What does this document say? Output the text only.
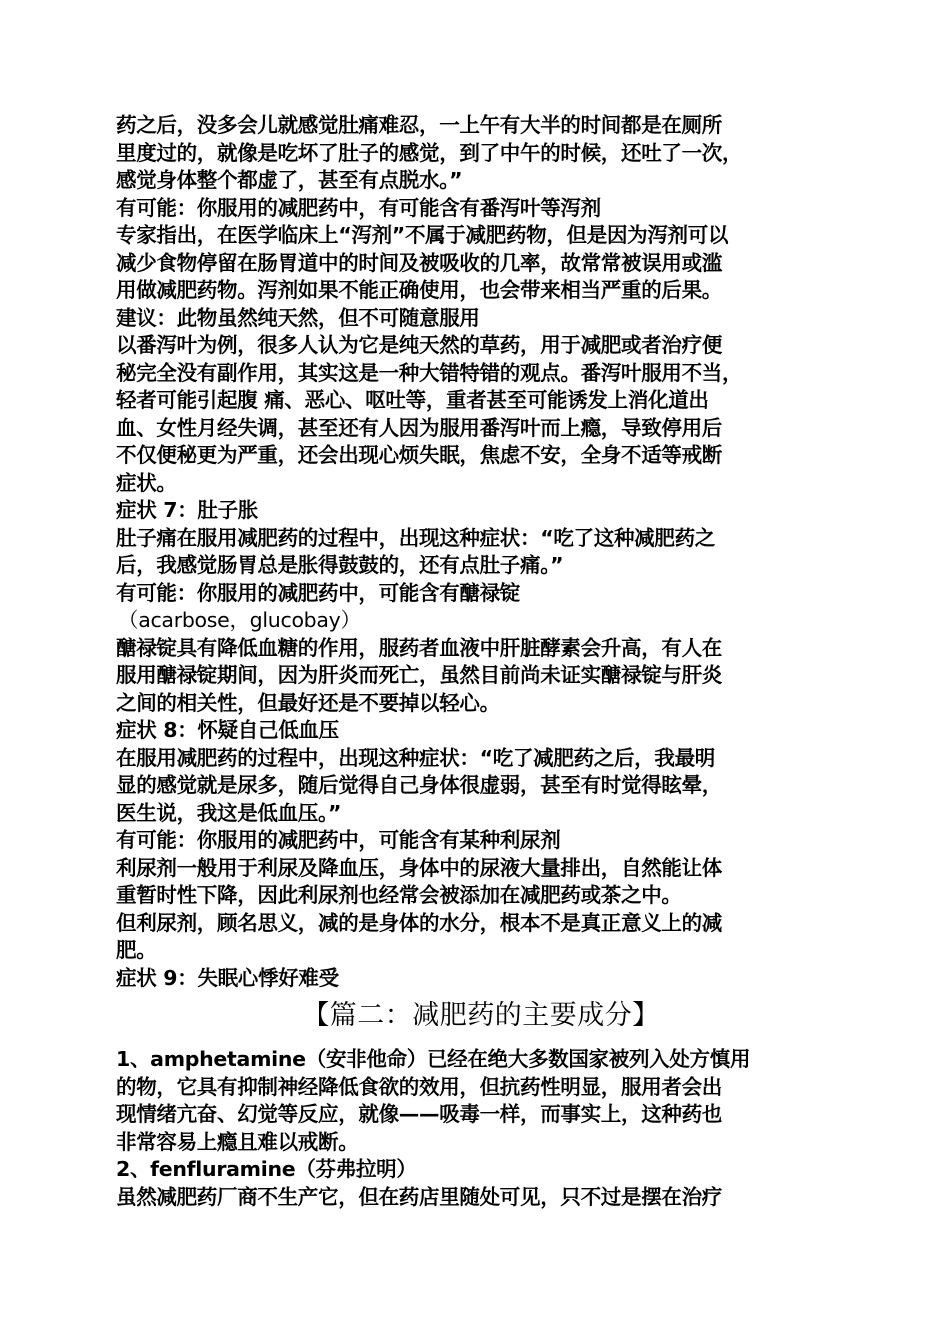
药之后，没多会儿就感觉肚痛难忍，一上午有大半的时间都是在厕所
里度过的，就像是吃坏了肚子的感觉，到了中午的时候，还吐了一次，
感觉身体整个都虚了，甚至有点脱水。”
有可能：你服用的减肥药中，有可能含有番泻叶等泻剂
专家指出，在医学临床上“泻剂”不属于减肥药物，但是因为泻剂可以
减少食物停留在肠胃道中的时间及被吸收的几率，故常常被误用或滥
用做减肥药物。泻剂如果不能正确使用，也会带来相当严重的后果。
建议：此物虽然纯天然，但不可随意服用
以番泻叶为例，很多人认为它是纯天然的草药，用于减肥或者治疗便
秘完全没有副作用，其实这是一种大错特错的观点。番泻叶服用不当，
轻者可能引起腹 痛、恶心、呕吐等，重者甚至可能诱发上消化道出
血、女性月经失调，甚至还有人因为服用番泻叶而上瘾，导致停用后
不仅便秘更为严重，还会出现心烦失眠，焦虑不安，全身不适等戒断
症状。
症状 7：肚子胀
肚子痛在服用减肥药的过程中，出现这种症状：“吃了这种减肥药之
后，我感觉肠胃总是胀得鼓鼓的，还有点肚子痛。”
有可能：你服用的减肥药中，可能含有醣禄锭
（acarbose，glucobay）
醣禄锭具有降低血糖的作用，服药者血液中肝脏酵素会升高，有人在
服用醣禄锭期间，因为肝炎而死亡，虽然目前尚未证实醣禄锭与肝炎
之间的相关性，但最好还是不要掉以轻心。
症状 8：怀疑自己低血压
在服用减肥药的过程中，出现这种症状：“吃了减肥药之后，我最明
显的感觉就是尿多，随后觉得自己身体很虚弱，甚至有时觉得眩晕，
医生说，我这是低血压。”
有可能：你服用的减肥药中，可能含有某种利尿剂
利尿剂一般用于利尿及降血压，身体中的尿液大量排出，自然能让体
重暂时性下降，因此利尿剂也经常会被添加在减肥药或茶之中。
但利尿剂，顾名思义，减的是身体的水分，根本不是真正意义上的减
肥。
症状 9：失眠心悸好难受
【篇二：减肥药的主要成分】
1、amphetamine（安非他命）已经在绝大多数国家被列入处方慎用
的物，它具有抑制神经降低食欲的效用，但抗药性明显，服用者会出
现情绪亢奋、幻觉等反应，就像——吸毒一样，而事实上，这种药也
非常容易上瘾且难以戒断。
2、fenfluramine（芬弗拉明）
虽然减肥药厂商不生产它，但在药店里随处可见，只不过是摆在治疗
